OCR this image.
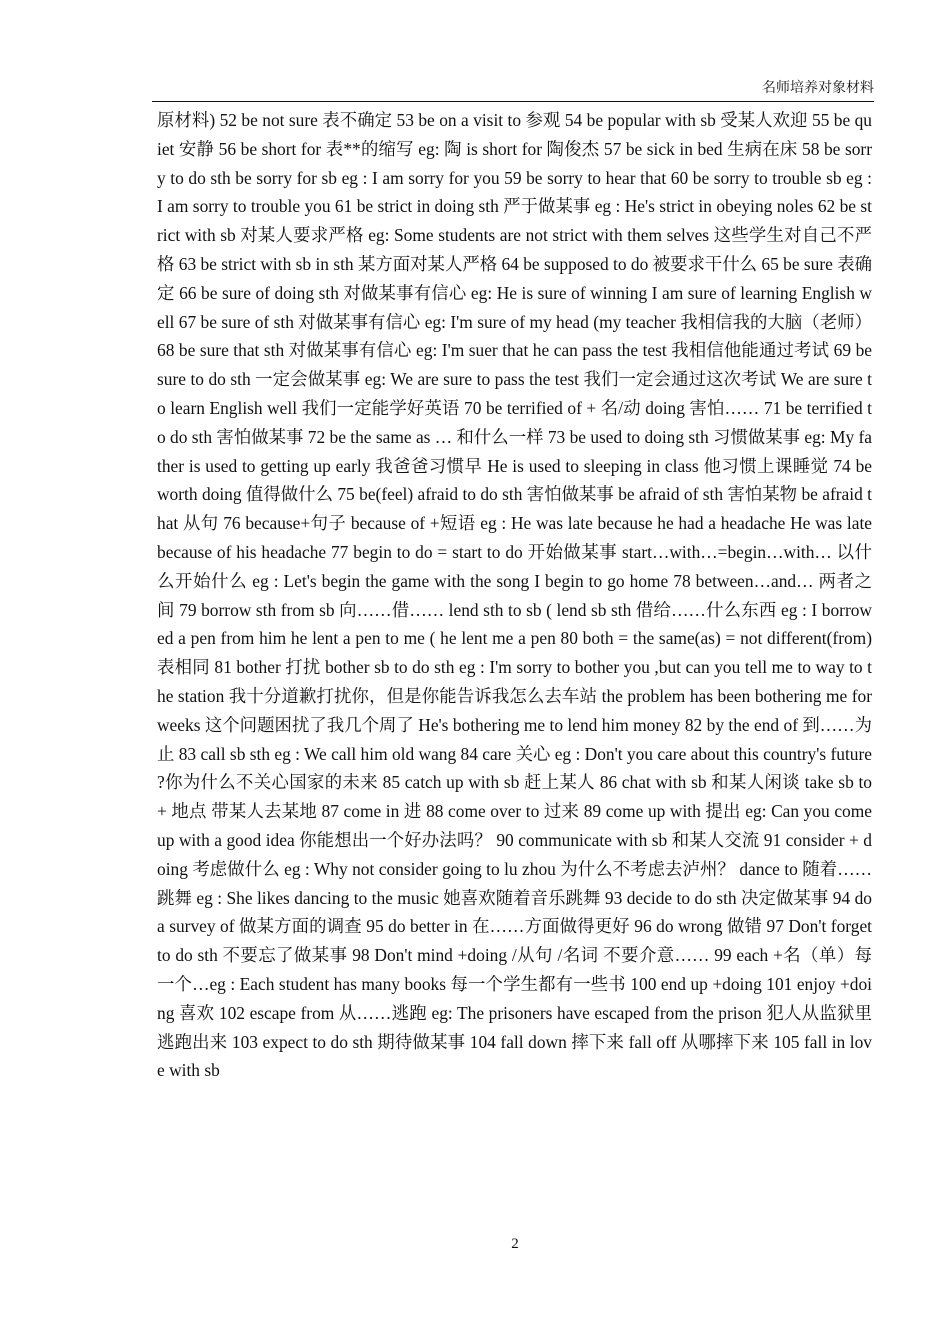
名师培养对象材料
原材料) 52 be not sure 表不确定 53 be on a visit to 参观 54 be popular with sb 受某人欢迎 55 be quiet 安静 56 be short for 表**的缩写 eg: 陶 is short for 陶俊杰 57 be sick in bed 生病在床 58 be sorry to do sth be sorry for sb eg : I am sorry for you 59 be sorry to hear that 60 be sorry to trouble sb eg : I am sorry to trouble you 61 be strict in doing sth 严于做某事 eg : He's strict in obeying noles 62 be strict with sb 对某人要求严格 eg: Some students are not strict with them selves 这些学生对自己不严格 63 be strict with sb in sth 某方面对某人严格 64 be supposed to do 被要求干什么 65 be sure 表确定 66 be sure of doing sth 对做某事有信心 eg: He is sure of winning I am sure of learning English well 67 be sure of sth 对做某事有信心 eg: I'm sure of my head (my teacher 我相信我的大脑（老师） 68 be sure that sth 对做某事有信心 eg: I'm suer that he can pass the test 我相信他能通过考试 69 be sure to do sth 一定会做某事 eg: We are sure to pass the test 我们一定会通过这次考试 We are sure to learn English well 我们一定能学好英语 70 be terrified of + 名/动 doing 害怕…… 71 be terrified to do sth 害怕做某事 72 be the same as … 和什么一样 73 be used to doing sth 习惯做某事 eg: My father is used to getting up early 我爸爸习惯早 He is used to sleeping in class 他习惯上课睡觉 74 be worth doing 值得做什么 75 be(feel) afraid to do sth 害怕做某事 be afraid of sth 害怕某物 be afraid that 从句 76 because+句子 because of +短语 eg : He was late because he had a headache He was late because of his headache 77 begin to do = start to do 开始做某事 start…with…=begin…with… 以什么开始什么 eg : Let's begin the game with the song I begin to go home 78 between…and… 两者之间 79 borrow sth from sb 向……借…… lend sth to sb ( lend sb sth 借给……什么东西 eg : I borrowed a pen from him he lent a pen to me ( he lent me a pen 80 both = the same(as) = not different(from) 表相同 81 bother 打扰 bother sb to do sth eg : I'm sorry to bother you ,but can you tell me to way to the station 我十分道歉打扰你，但是你能告诉我怎么去车站 the problem has been bothering me for weeks 这个问题困扰了我几个周了 He's bothering me to lend him money 82 by the end of 到……为止 83 call sb sth eg : We call him old wang 84 care 关心 eg : Don't you care about this country's future ?你为什么不关心国家的未来 85 catch up with sb 赶上某人 86 chat with sb 和某人闲谈 take sb to + 地点 带某人去某地 87 come in 进 88 come over to 过来 89 come up with 提出 eg: Can you come up with a good idea 你能想出一个好办法吗？ 90 communicate with sb 和某人交流 91 consider + doing 考虑做什么 eg : Why not consider going to lu zhou 为什么不考虑去泸州？ dance to 随着……跳舞 eg : She likes dancing to the music 她喜欢随着音乐跳舞 93 decide to do sth 决定做某事 94 do a survey of 做某方面的调查 95 do better in 在……方面做得更好 96 do wrong 做错 97 Don't forget to do sth 不要忘了做某事 98 Don't mind +doing /从句 /名词 不要介意…… 99 each +名（单）每一个…eg : Each student has many books 每一个学生都有一些书 100 end up +doing 101 enjoy +doing 喜欢 102 escape from 从……逃跑 eg: The prisoners have escaped from the prison 犯人从监狱里逃跑出来 103 expect to do sth 期待做某事 104 fall down 摔下来 fall off 从哪摔下来 105 fall in love with sb
2
